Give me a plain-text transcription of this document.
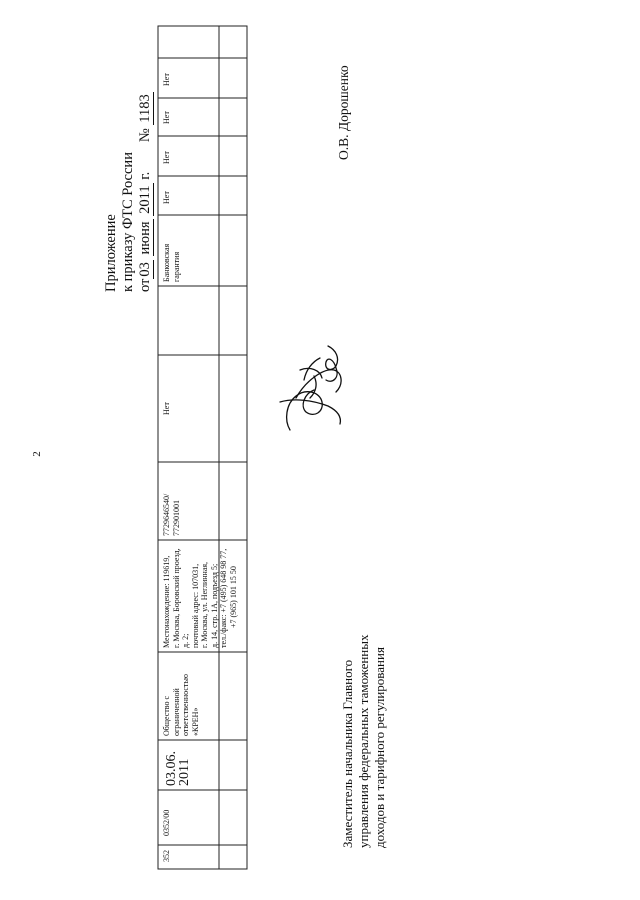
2
Приложение к приказу ФТС России от03 июня 2011 г. № 1183
352
0352/00
03.06.
2011
Общество с ограниченной ответственностью «КРЕН»
Местонахождение: 119619, г. Москва, Боровский проезд, д. 2; почтовый адрес: 107031, г. Москва, ул. Неглинная, д. 14, стр. 1А, подъезд 5; тел./факс: +7 (495) 648 98 77, +7 (965) 101 15 50
7729646540/ 772901001
Нет
Банковская гарантия
Нет
Нет
Нет
Нет
Заместитель начальника Главного управления федеральных таможенных доходов и тарифного регулирования
О.В. Дорошенко
